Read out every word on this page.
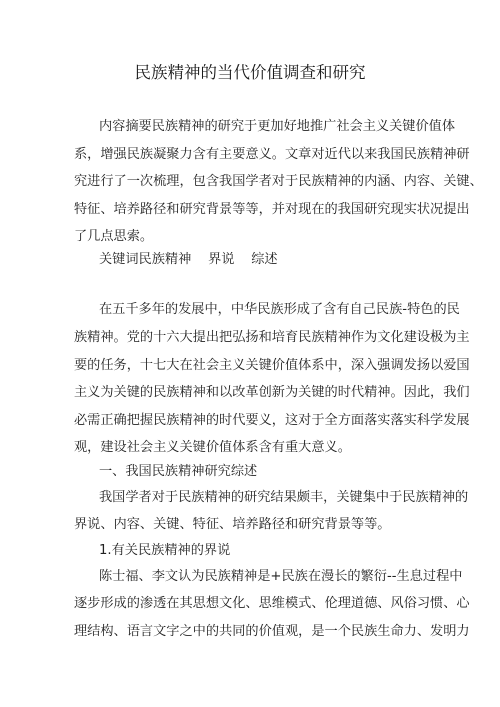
民族精神的当代价值调查和研究
内容摘要民族精神的研究于更加好地推广社会主义关键价值体
系，增强民族凝聚力含有主要意义。文章对近代以来我国民族精神研
究进行了一次梳理，包含我国学者对于民族精神的内涵、内容、关键、
特征、培养路径和研究背景等等，并对现在的我国研究现实状况提出
了几点思索。
关键词民族精神    界说    综述
在五千多年的发展中，中华民族形成了含有自己民族-特色的民
族精神。党的十六大提出把弘扬和培育民族精神作为文化建设极为主
要的任务，十七大在社会主义关键价值体系中，深入强调发扬以爱国
主义为关键的民族精神和以改革创新为关键的时代精神。因此，我们
必需正确把握民族精神的时代要义，这对于全方面落实落实科学发展
观，建设社会主义关键价值体系含有重大意义。
一、我国民族精神研究综述
我国学者对于民族精神的研究结果颇丰，关键集中于民族精神的
界说、内容、关键、特征、培养路径和研究背景等等。
1.有关民族精神的界说
陈士福、李文认为民族精神是+民族在漫长的繁衍--生息过程中
逐步形成的渗透在其思想文化、思维模式、伦理道德、风俗习惯、心
理结构、语言文字之中的共同的价值观，是一个民族生命力、发明力
